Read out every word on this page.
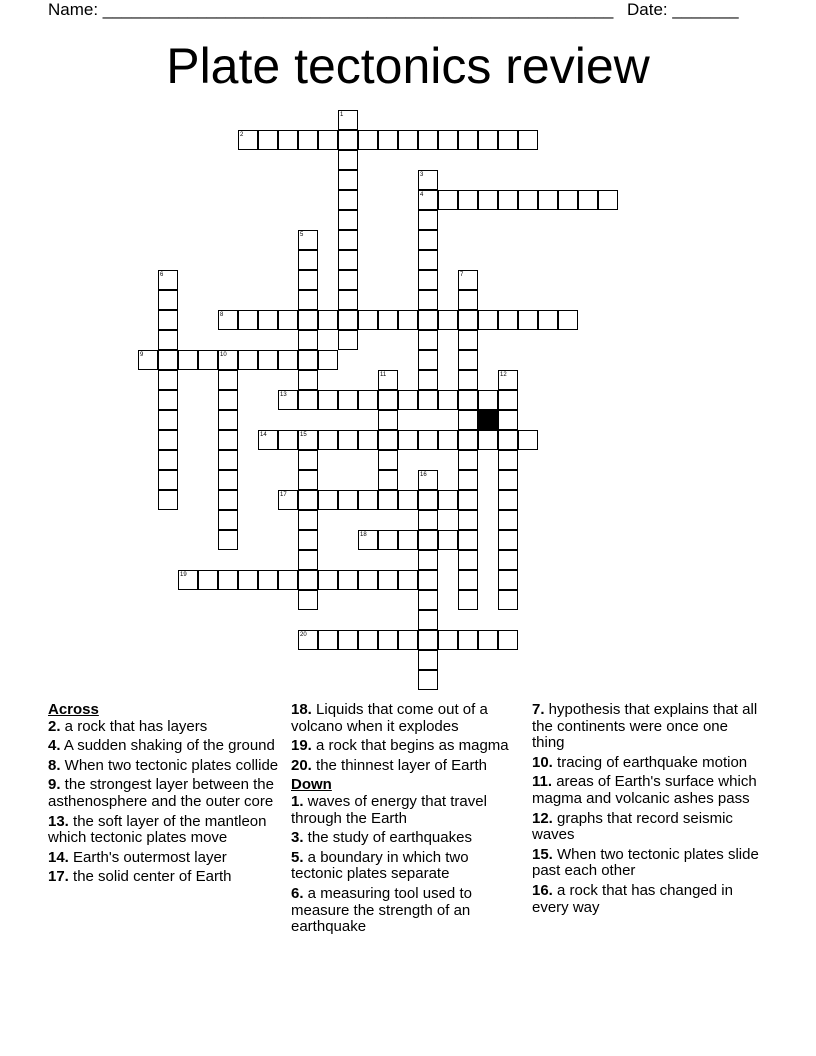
Name: ______________________________________________________ Date: _______
Plate tectonics review
1
2
3
4
5
6	7
8
9	10
11	12
13
14	15
16
17
18
19
20
Across

2. a rock that has layers

4. A sudden shaking of the ground

8. When two tectonic plates collide

9. the strongest layer between the asthenosphere and the outer core

13. the soft layer of the mantleon which tectonic plates move

14. Earth's outermost layer

17. the solid center of Earth

18. Liquids that come out of a volcano when it explodes

19. a rock that begins as magma

20. the thinnest layer of Earth

Down

1. waves of energy that travel through the Earth

3. the study of earthquakes

5. a boundary in which two tectonic plates separate

6. a measuring tool used to measure the strength of an earthquake

7. hypothesis that explains that all the continents were once one thing

10. tracing of earthquake motion

11. areas of Earth's surface which magma and volcanic ashes pass

12. graphs that record seismic waves

15. When two tectonic plates slide past each other

16. a rock that has changed in every way
